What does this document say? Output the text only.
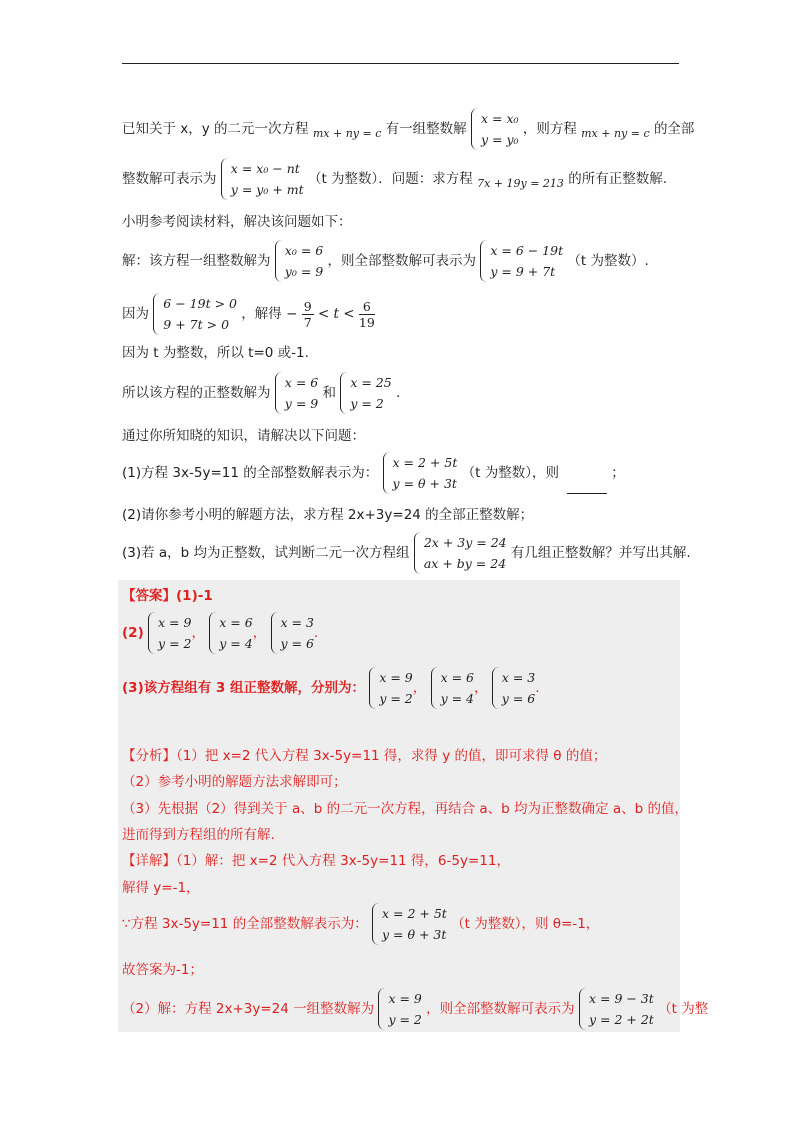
已知关于 x，y 的二元一次方程 $_{mx + ny = c}$ 有一组整数解
x = x₀
y = y₀
，则方程 $_{mx + ny = c}$ 的全部
整数解可表示为
x = x₀ − nt
y = y₀ + mt
（t 为整数）．问题：求方程 $_{7x + 19y = 213}$ 的所有正整数解.
小明参考阅读材料，解决该问题如下：
解：该方程一组整数解为
x₀ = 6
y₀ = 9
，则全部整数解可表示为
x = 6 − 19t
y = 9 + 7t
（t 为整数）.
因为
6 − 19t > 0
9 + 7t > 0
，解得 − $\frac{9}{7} < t < \frac{6}{19}$
因为 t 为整数，所以 t=0 或-1.
所以该方程的正整数解为
x = 6
y = 9
和
x = 25
y = 2
.
通过你所知晓的知识，请解决以下问题：
(1)方程 3x-5y=11 的全部整数解表示为：
x = 2 + 5t
y = θ + 3t
（t 为整数），则	；
(2)请你参考小明的解题方法，求方程 2x+3y=24 的全部正整数解；
(3)若 a，b 均为正整数，试判断二元一次方程组
2x + 3y = 24
ax + by = 24
有几组正整数解？并写出其解.
【答案】(1)-1
(2)
x = 9
y = 2
，
x = 6
y = 4
，
x = 3
y = 6
.
(3)该方程组有 3 组正整数解，分别为：
x = 9
y = 2
，
x = 6
y = 4
，
x = 3
y = 6
.
【分析】（1）把 x=2 代入方程 3x-5y=11 得，求得 y 的值，即可求得 θ 的值；
（2）参考小明的解题方法求解即可；
（3）先根据（2）得到关于 a、b 的二元一次方程，再结合 a、b 均为正整数确定 a、b 的值，
进而得到方程组的所有解.
【详解】（1）解：把 x=2 代入方程 3x-5y=11 得，6-5y=11，
解得 y=-1，
∵方程 3x-5y=11 的全部整数解表示为：
x = 2 + 5t
y = θ + 3t
（t 为整数），则 θ=-1，
故答案为-1；
（2）解：方程 2x+3y=24 一组整数解为
x = 9
y = 2
，则全部整数解可表示为
x = 9 − 3t
y = 2 + 2t
（t 为整
